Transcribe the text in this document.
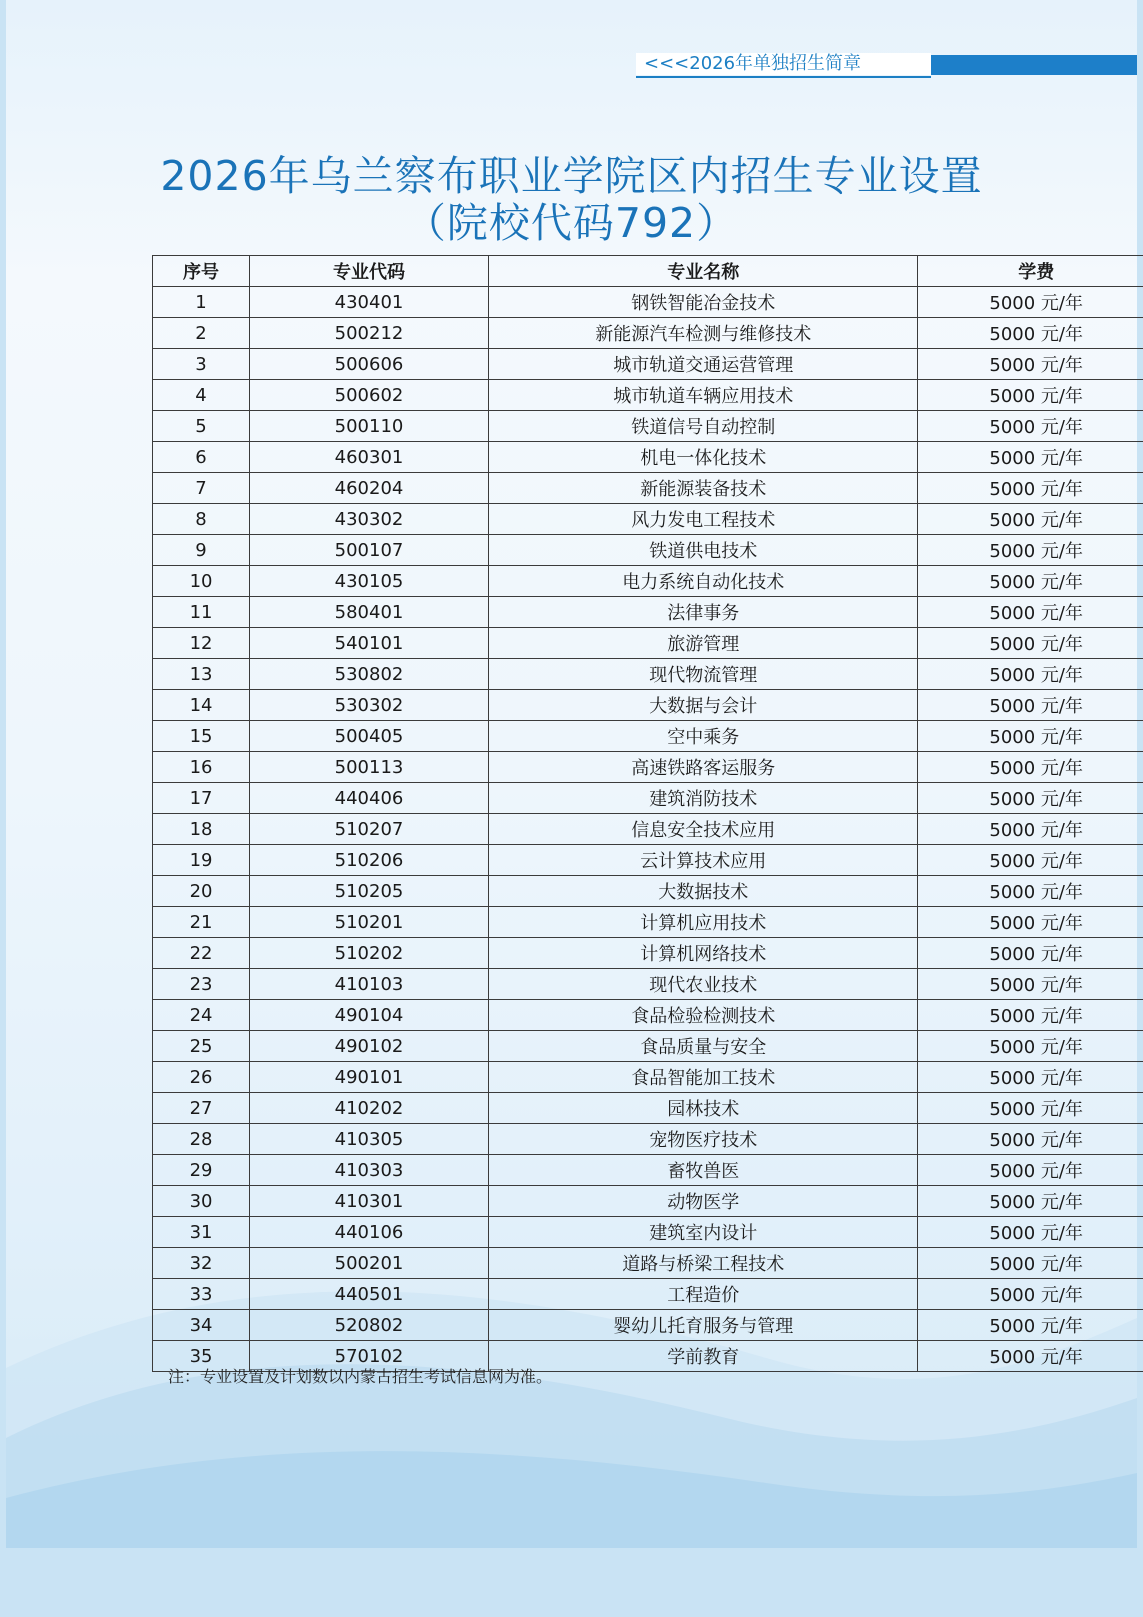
<<<2026年单独招生简章
2026年乌兰察布职业学院区内招生专业设置
（院校代码792）
序号	专业代码	专业名称	学费
1	430401	钢铁智能冶金技术	5000 元/年
2	500212	新能源汽车检测与维修技术	5000 元/年
3	500606	城市轨道交通运营管理	5000 元/年
4	500602	城市轨道车辆应用技术	5000 元/年
5	500110	铁道信号自动控制	5000 元/年
6	460301	机电一体化技术	5000 元/年
7	460204	新能源装备技术	5000 元/年
8	430302	风力发电工程技术	5000 元/年
9	500107	铁道供电技术	5000 元/年
10	430105	电力系统自动化技术	5000 元/年
11	580401	法律事务	5000 元/年
12	540101	旅游管理	5000 元/年
13	530802	现代物流管理	5000 元/年
14	530302	大数据与会计	5000 元/年
15	500405	空中乘务	5000 元/年
16	500113	高速铁路客运服务	5000 元/年
17	440406	建筑消防技术	5000 元/年
18	510207	信息安全技术应用	5000 元/年
19	510206	云计算技术应用	5000 元/年
20	510205	大数据技术	5000 元/年
21	510201	计算机应用技术	5000 元/年
22	510202	计算机网络技术	5000 元/年
23	410103	现代农业技术	5000 元/年
24	490104	食品检验检测技术	5000 元/年
25	490102	食品质量与安全	5000 元/年
26	490101	食品智能加工技术	5000 元/年
27	410202	园林技术	5000 元/年
28	410305	宠物医疗技术	5000 元/年
29	410303	畜牧兽医	5000 元/年
30	410301	动物医学	5000 元/年
31	440106	建筑室内设计	5000 元/年
32	500201	道路与桥梁工程技术	5000 元/年
33	440501	工程造价	5000 元/年
34	520802	婴幼儿托育服务与管理	5000 元/年
35	570102	学前教育	5000 元/年
注：专业设置及计划数以内蒙古招生考试信息网为准。
